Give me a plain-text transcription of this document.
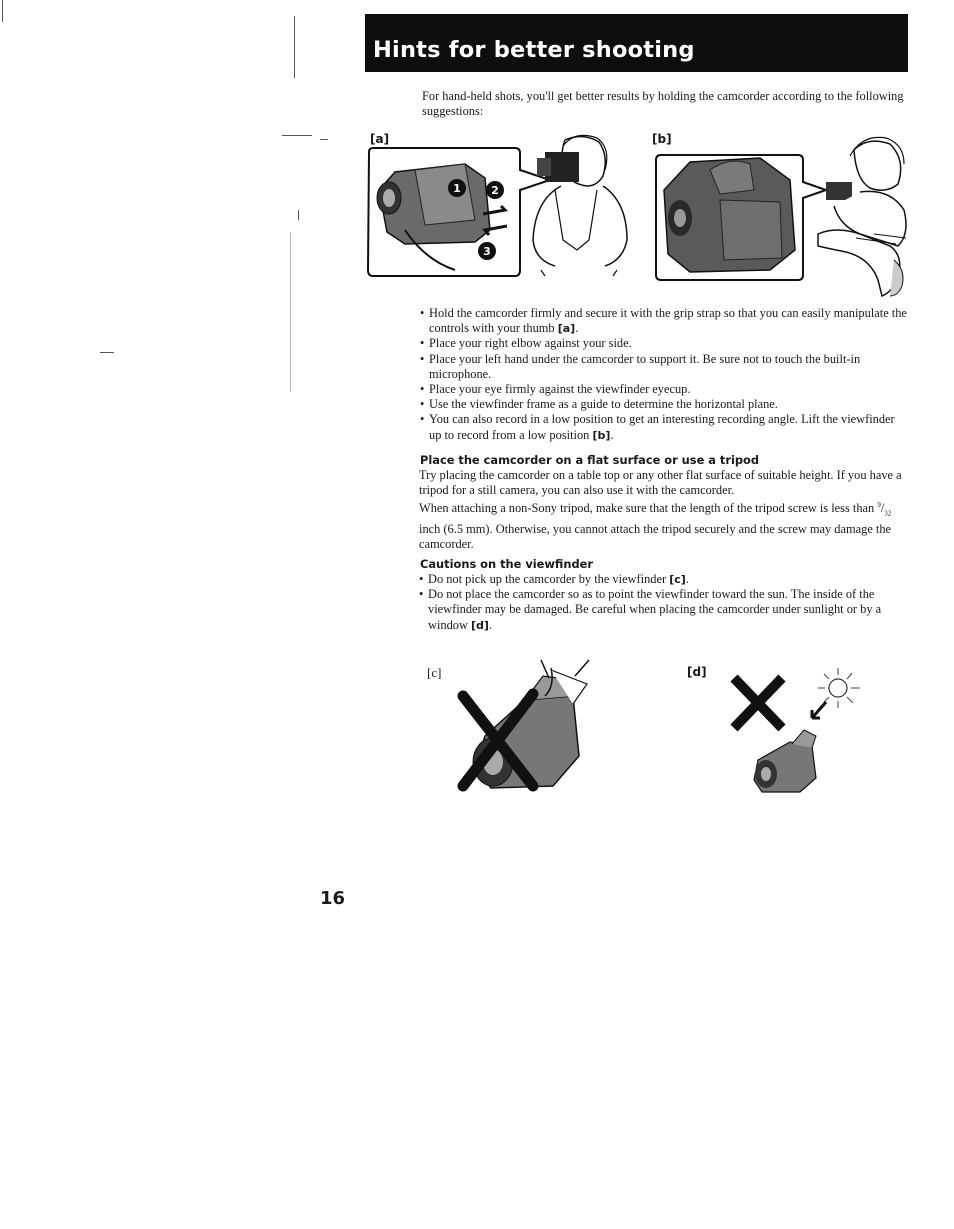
Hints for better shooting
For hand-held shots, you'll get better results by holding the camcorder according to the following suggestions:
[a]	[b]
1	2
3
• Hold the camcorder firmly and secure it with the grip strap so that you can easily manipulate the controls with your thumb [a].
• Place your right elbow against your side.
• Place your left hand under the camcorder to support it. Be sure not to touch the built-in microphone.
• Place your eye firmly against the viewfinder eyecup.
• Use the viewfinder frame as a guide to determine the horizontal plane.
• You can also record in a low position to get an interesting recording angle. Lift the viewfinder up to record from a low position [b].
Place the camcorder on a flat surface or use a tripod
Try placing the camcorder on a table top or any other flat surface of suitable height. If you have a tripod for a still camera, you can also use it with the camcorder.
When attaching a non-Sony tripod, make sure that the length of the tripod screw is less than $^9/_{32}$ inch (6.5 mm). Otherwise, you cannot attach the tripod securely and the screw may damage the camcorder.
Cautions on the viewfinder
• Do not pick up the camcorder by the viewfinder [c].
• Do not place the camcorder so as to point the viewfinder toward the sun. The inside of the viewfinder may be damaged. Be careful when placing the camcorder under sunlight or by a window [d].
[c]	[d]
16
